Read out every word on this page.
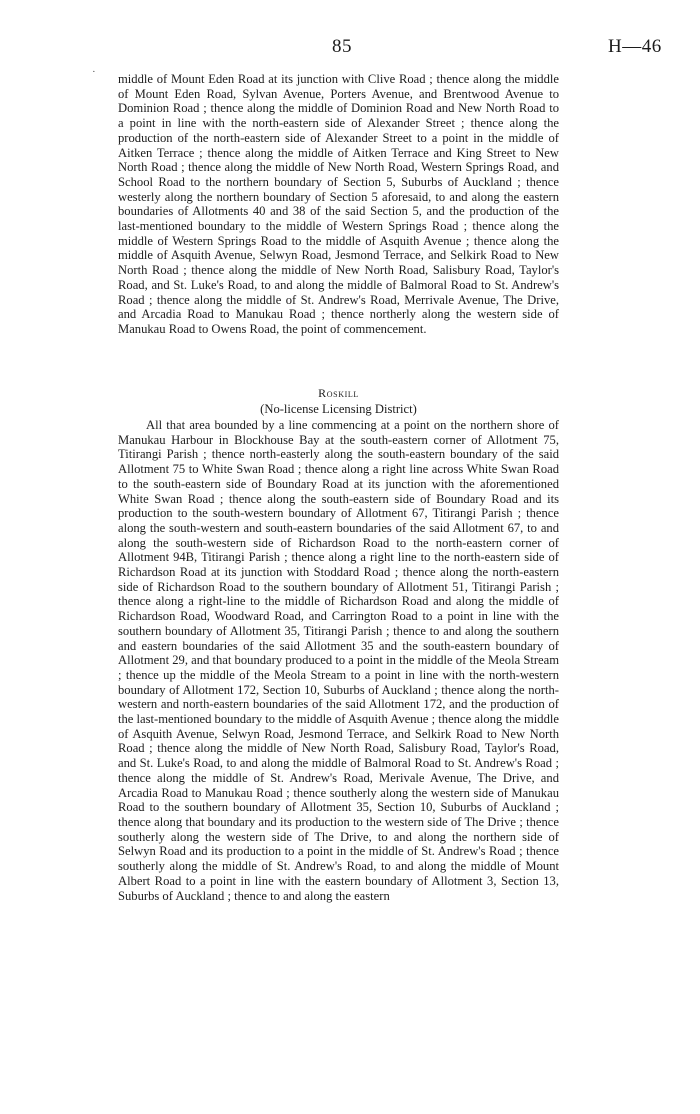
85	H—46
· middle of Mount Eden Road at its junction with Clive Road ; thence along the middle of Mount Eden Road, Sylvan Avenue, Porters Avenue, and Brentwood Avenue to Dominion Road ; thence along the middle of Dominion Road and New North Road to a point in line with the north-eastern side of Alexander Street ; thence along the production of the north-eastern side of Alexander Street to a point in the middle of Aitken Terrace ; thence along the middle of Aitken Terrace and King Street to New North Road ; thence along the middle of New North Road, Western Springs Road, and School Road to the northern boundary of Section 5, Suburbs of Auckland ; thence westerly along the northern boundary of Section 5 aforesaid, to and along the eastern boundaries of Allotments 40 and 38 of the said Section 5, and the production of the last-mentioned boundary to the middle of Western Springs Road ; thence along the middle of Western Springs Road to the middle of Asquith Avenue ; thence along the middle of Asquith Avenue, Selwyn Road, Jesmond Terrace, and Selkirk Road to New North Road ; thence along the middle of New North Road, Salisbury Road, Taylor's Road, and St. Luke's Road, to and along the middle of Balmoral Road to St. Andrew's Road ; thence along the middle of St. Andrew's Road, Merrivale Avenue, The Drive, and Arcadia Road to Manukau Road ; thence northerly along the western side of Manukau Road to Owens Road, the point of commencement.

Roskill
(No-license Licensing District)

All that area bounded by a line commencing at a point on the northern shore of Manukau Harbour in Blockhouse Bay at the south-eastern corner of Allotment 75, Titirangi Parish ; thence north-easterly along the south-eastern boundary of the said Allotment 75 to White Swan Road ; thence along a right line across White Swan Road to the south-eastern side of Boundary Road at its junction with the aforementioned White Swan Road ; thence along the south-eastern side of Boundary Road and its production to the south-western boundary of Allotment 67, Titirangi Parish ; thence along the south-western and south-eastern boundaries of the said Allotment 67, to and along the south-western side of Richardson Road to the north-eastern corner of Allotment 94B, Titirangi Parish ; thence along a right line to the north-eastern side of Richardson Road at its junction with Stoddard Road ; thence along the north-eastern side of Richardson Road to the southern boundary of Allotment 51, Titirangi Parish ; thence along a right-line to the middle of Richardson Road and along the middle of Richardson Road, Woodward Road, and Carrington Road to a point in line with the southern boundary of Allotment 35, Titirangi Parish ; thence to and along the southern and eastern boundaries of the said Allotment 35 and the south-eastern boundary of Allotment 29, and that boundary produced to a point in the middle of the Meola Stream ; thence up the middle of the Meola Stream to a point in line with the north-western boundary of Allotment 172, Section 10, Suburbs of Auckland ; thence along the north-western and north-eastern boundaries of the said Allotment 172, and the production of the last-mentioned boundary to the middle of Asquith Avenue ; thence along the middle of Asquith Avenue, Selwyn Road, Jesmond Terrace, and Selkirk Road to New North Road ; thence along the middle of New North Road, Salisbury Road, Taylor's Road, and St. Luke's Road, to and along the middle of Balmoral Road to St. Andrew's Road ; thence along the middle of St. Andrew's Road, Merivale Avenue, The Drive, and Arcadia Road to Manukau Road ; thence southerly along the western side of Manukau Road to the southern boundary of Allotment 35, Section 10, Suburbs of Auckland ; thence along that boundary and its production to the western side of The Drive ; thence southerly along the western side of The Drive, to and along the northern side of Selwyn Road and its production to a point in the middle of St. Andrew's Road ; thence southerly along the middle of St. Andrew's Road, to and along the middle of Mount Albert Road to a point in line with the eastern boundary of Allotment 3, Section 13, Suburbs of Auckland ; thence to and along the eastern
